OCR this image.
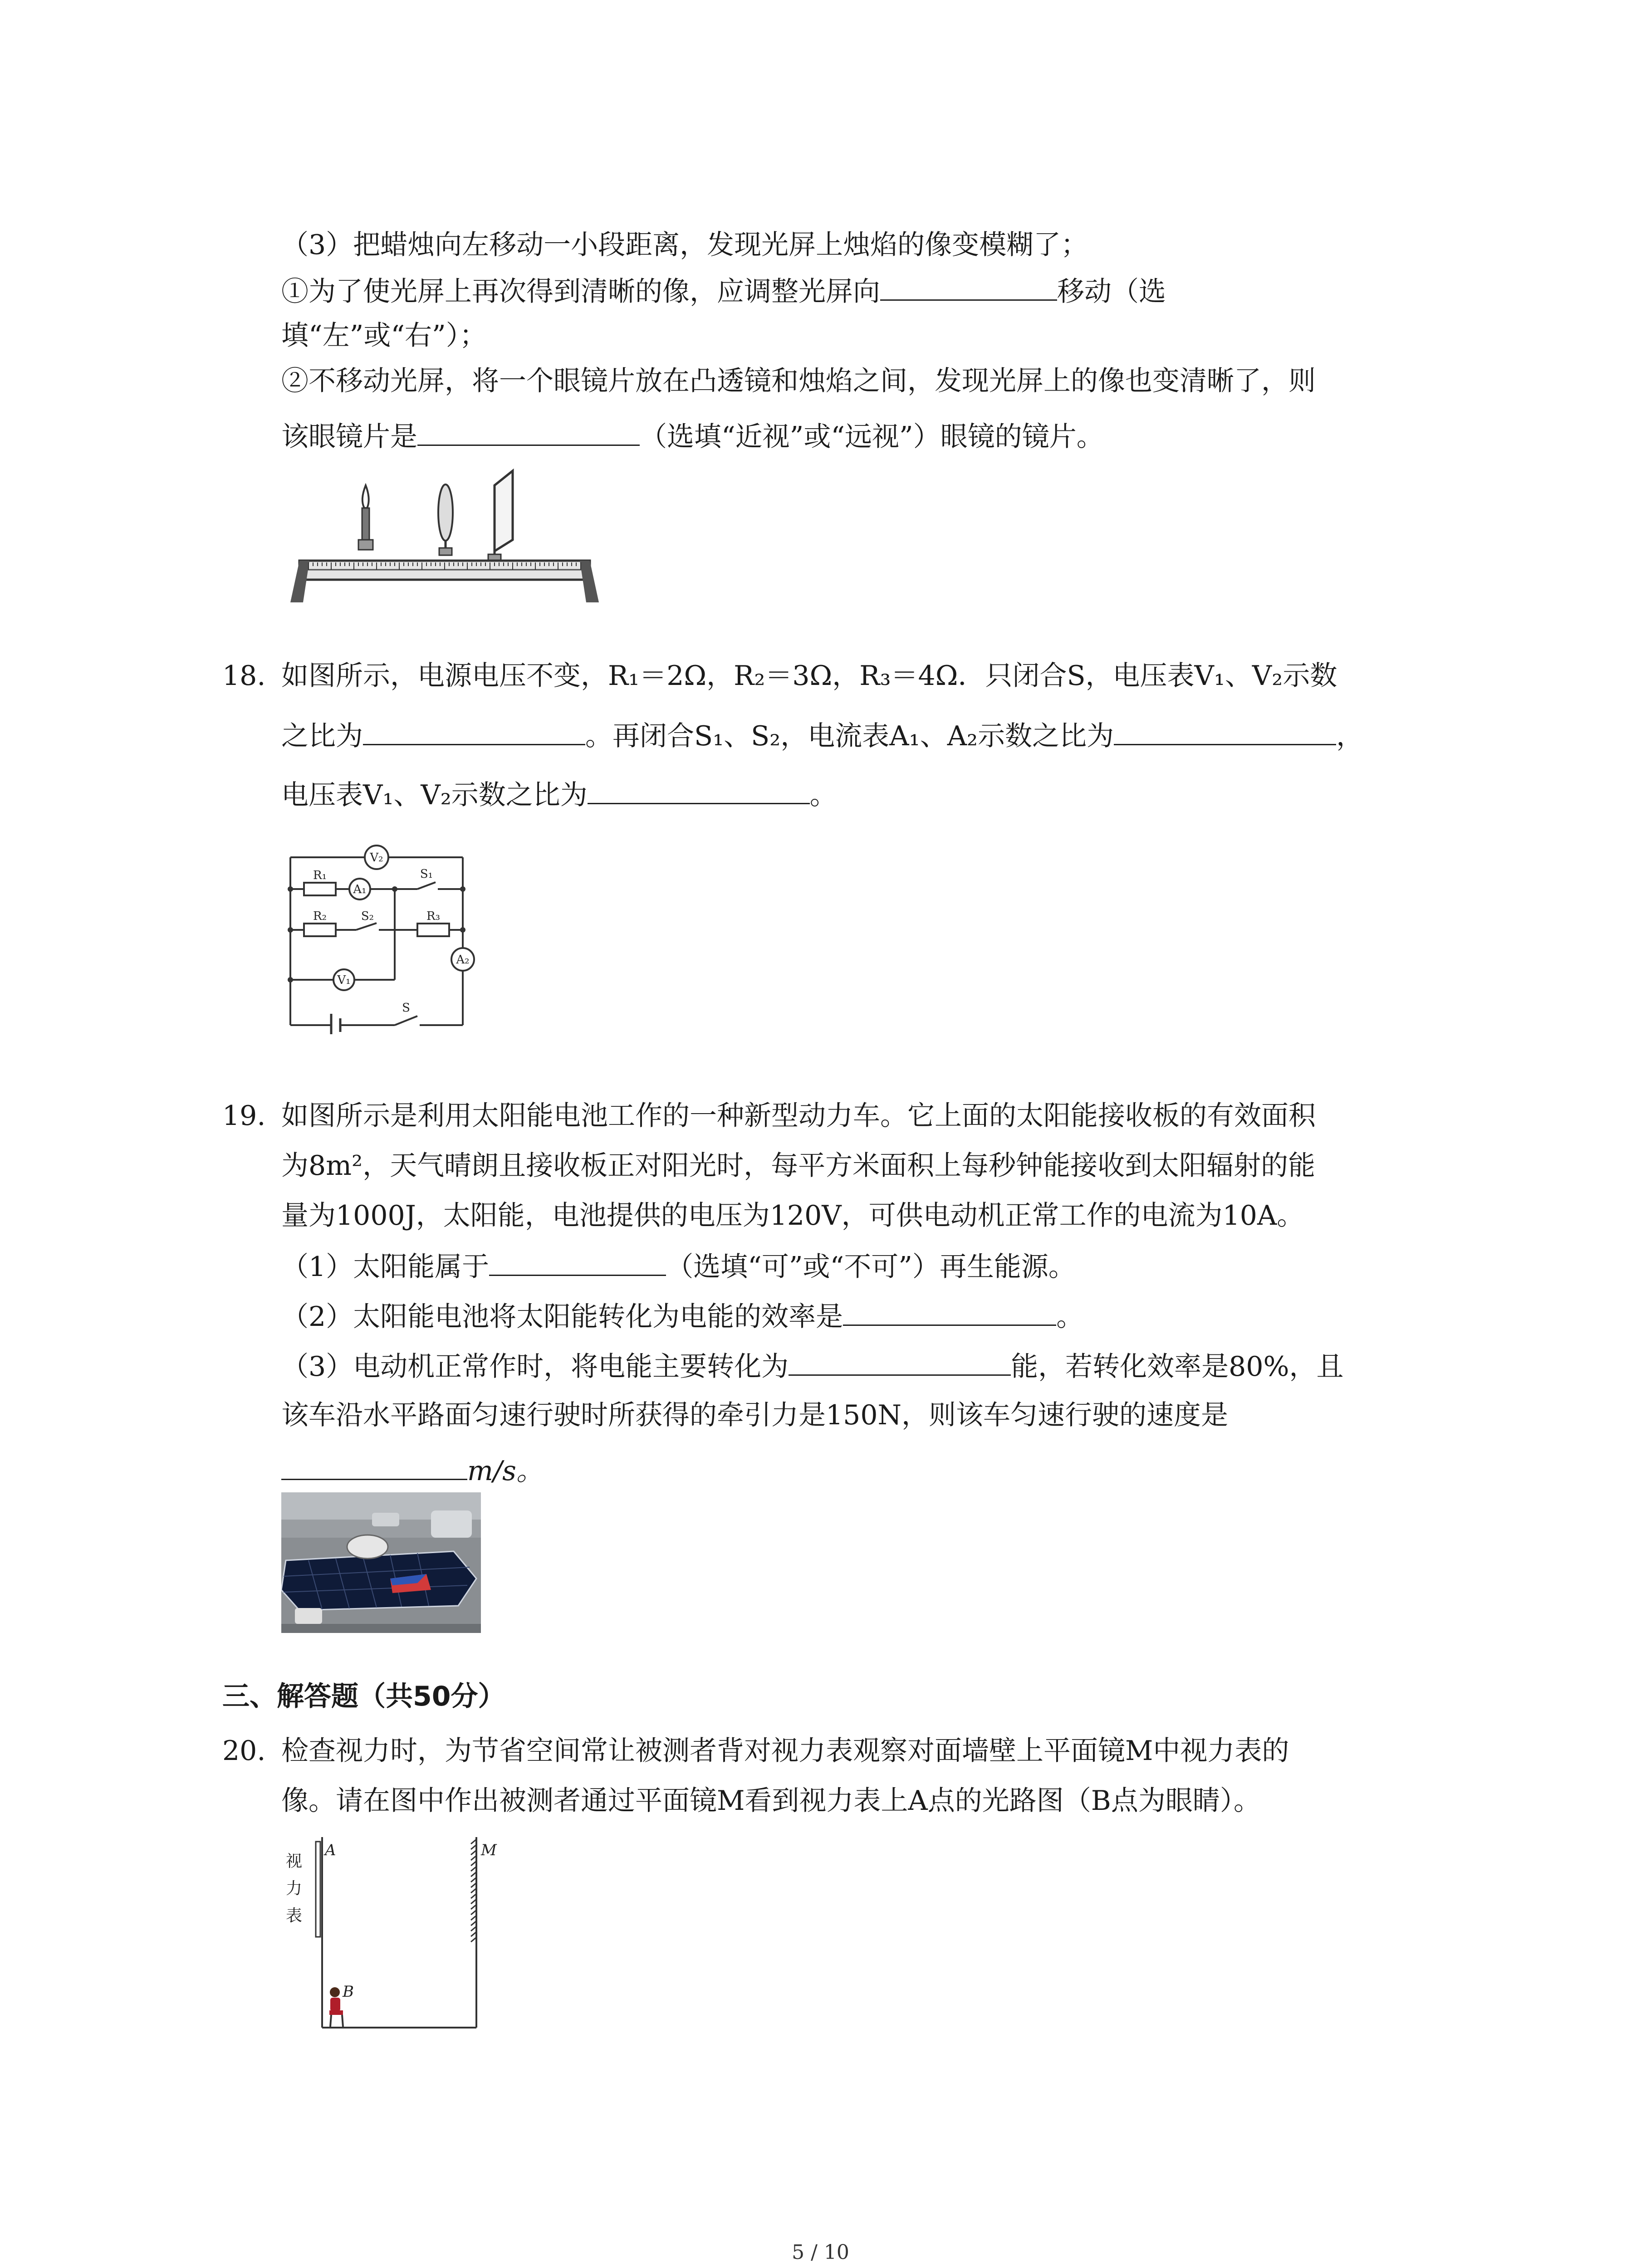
（3）把蜡烛向左移动一小段距离，发现光屏上烛焰的像变模糊了；
①为了使光屏上再次得到清晰的像，应调整光屏向	移动（选
填“左”或“右”）；
②不移动光屏，将一个眼镜片放在凸透镜和烛焰之间，发现光屏上的像也变清晰了，则
该眼镜片是	（选填“近视”或“远视”）眼镜的镜片。
18. 如图所示，电源电压不变，R₁＝2Ω，R₂＝3Ω，R₃＝4Ω．只闭合S，电压表V₁、V₂示数
之比为	。再闭合S₁、S₂，电流表A₁、A₂示数之比为	，
电压表V₁、V₂示数之比为	。
V₂
A₁
V₁
A₂
R₁
R₂	R₃
S₁
S₂
S
19. 如图所示是利用太阳能电池工作的一种新型动力车。它上面的太阳能接收板的有效面积
为8m²，天气晴朗且接收板正对阳光时，每平方米面积上每秒钟能接收到太阳辐射的能
量为1000J，太阳能，电池提供的电压为120V，可供电动机正常工作的电流为10A。
（1）太阳能属于	（选填“可”或“不可”）再生能源。
（2）太阳能电池将太阳能转化为电能的效率是	。
（3）电动机正常作时，将电能主要转化为	能，若转化效率是80%，且
该车沿水平路面匀速行驶时所获得的牵引力是150N，则该车匀速行驶的速度是
m/s。
三、解答题（共50分）
20. 检查视力时，为节省空间常让被测者背对视力表观察对面墙壁上平面镜M中视力表的
像。请在图中作出被测者通过平面镜M看到视力表上A点的光路图（B点为眼睛）。
视
力
表
A	M
B
5 / 10
